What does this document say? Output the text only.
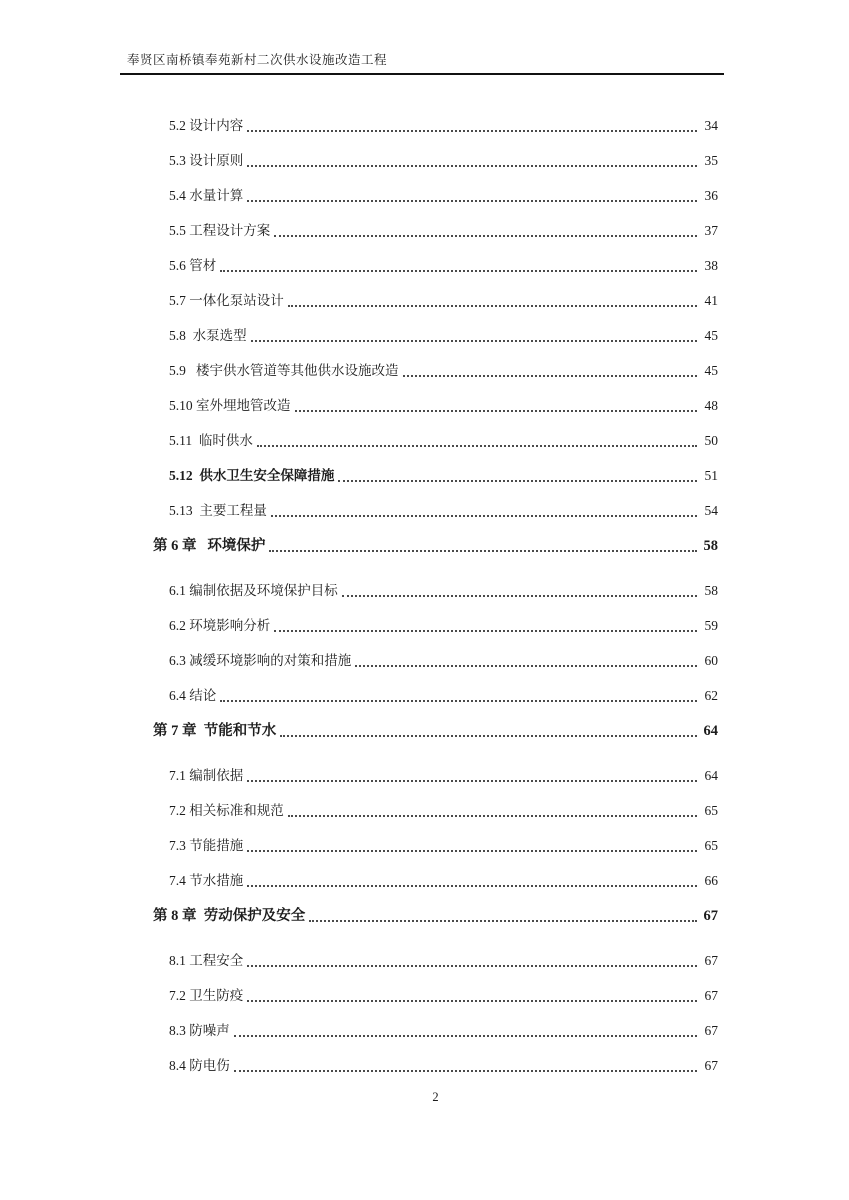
奉贤区南桥镇奉苑新村二次供水设施改造工程
5.2 设计内容	34
5.3 设计原则	35
5.4 水量计算	36
5.5 工程设计方案	37
5.6 管材	38
5.7 一体化泵站设计	41
5.8  水泵选型	45
5.9   楼宇供水管道等其他供水设施改造	45
5.10 室外埋地管改造	48
5.11  临时供水	50
5.12  供水卫生安全保障措施	51
5.13  主要工程量	54
第 6 章   环境保护	58
6.1 编制依据及环境保护目标	58
6.2 环境影响分析	59
6.3 减缓环境影响的对策和措施	60
6.4 结论	62
第 7 章  节能和节水	64
7.1 编制依据	64
7.2 相关标准和规范	65
7.3 节能措施	65
7.4 节水措施	66
第 8 章  劳动保护及安全	67
8.1 工程安全	67
7.2 卫生防疫	67
8.3 防噪声	67
8.4 防电伤	67
2
